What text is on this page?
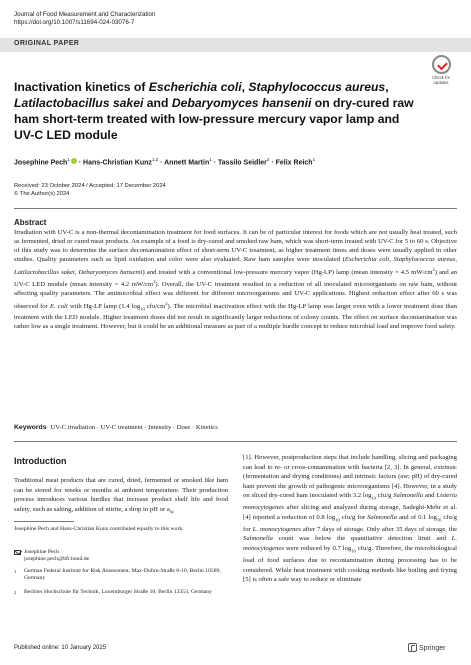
Journal of Food Measurement and Characterization
https://doi.org/10.1007/s11694-024-03076-7
ORIGINAL PAPER
Check for updates
Inactivation kinetics of Escherichia coli, Staphylococcus aureus, Latilactobacillus sakei and Debaryomyces hansenii on dry-cured raw ham short-term treated with low-pressure mercury vapor lamp and UV-C LED module
Josephine Pech$^1$ · Hans-Christian Kunz$^{1,2}$ · Annett Martin$^1$ · Tassilo Seidler$^2$ · Felix Reich$^1$
Received: 23 October 2024 / Accepted: 17 December 2024
© The Author(s) 2024
Abstract

Irradiation with UV-C is a non-thermal decontamination treatment for food surfaces. It can be of particular interest for foods which are not usually heat treated, such as fermented, dried or cured meat products. An example of a food is dry-cured and smoked raw ham, which was short-term treated with UV-C for 5 to 60 s. Objective of this study was to determine the surface decontamination effect of short-term UV-C treatment, as higher treatment times and doses were usually applied in other studies. Quality parameters such as lipid oxidation and color were also evaluated. Raw ham samples were inoculated (Escherichia coli, Staphylococcus aureus, Latilactobacillus sakei, Debaryomyces hansenii) and treated with a conventional low-pressure mercury vapor (Hg-LP) lamp (mean intensity = 4.5 $mW/cm^2$) and an UV-C LED module (mean intensity = 4.2 $mW/cm^2$). Overall, the UV-C treatment resulted in a reduction of all inoculated microorganisms on raw ham, without affecting quality parameters. The antimicrobial effect was different for different microorganisms and UV-C applications. Highest reduction effect after 60 s was observed for E. coli with Hg-LP lamp (1.4 $\log_{10} cfu/cm^2$). The microbial inactivation effect with the Hg-LP lamp was larger even with a lower treatment dose than treatment with the LED module. Higher treatment doses did not result in significantly larger reductions of colony counts. The effect on surface decontamination was rather low as a single treatment. However, but it could be an additional measure as part of a multiple hurdle concept to reduce microbial load and improve food safety.

Keywords UV-C irradiation · UV-C treatment · Intensity · Dose · Kinetics
Introduction

Traditional meat products that are cured, dried, fermented or smoked like ham can be stored for weeks or months at ambient temperature. Their production process introduces various hurdles that increase product shelf life and food safety, such as salting, addition of nitrite, a drop in pH or $a_W$

Josephine Pech and Hans-Christian Kunz contributed equally to this work.
Josephine Pech
josephine.pech@bfr.bund.de
1 German Federal Institute for Risk Assessment, Max-Dohrn-Straße 8-10, Berlin 10589, Germany
2 Berliner Hochschule für Technik, Luxemburger Straße 10, Berlin 13353, Germany

[1]. However, postproduction steps that include handling, slicing and packaging can lead to re- or cross-contamination with bacteria [2, 3]. In general, extrinsic (fermentation and drying conditions) and intrinsic factors (aw; pH) of dry-cured ham prevent the growth of pathogenic microorganisms [4]. However, in a study on sliced dry-cured ham inoculated with 3.2 $\log_{10} cfu/g$ Salmonella and Listeria monocytogenes after slicing and analyzed during storage, Sadeghi-Mehr et al. [4] reported a reduction of 0.8 $\log_{10} cfu/g$ for Salmonella and of 0.1 $\log_{10} cfu/g$ for L. monocytogenes after 7 days of storage. Only after 35 days of storage, the Salmonella count was below the quantitative detection limit and L. monocytogenes were reduced by 0.7 $\log_{10} cfu/g$. Therefore, the microbiological load of food surfaces due to recontamination during processing has to be considered. While heat treatment with cooking methods like boiling and frying [5] is often a safe way to reduce or eliminate

Published online: 10 January 2025	Springer
